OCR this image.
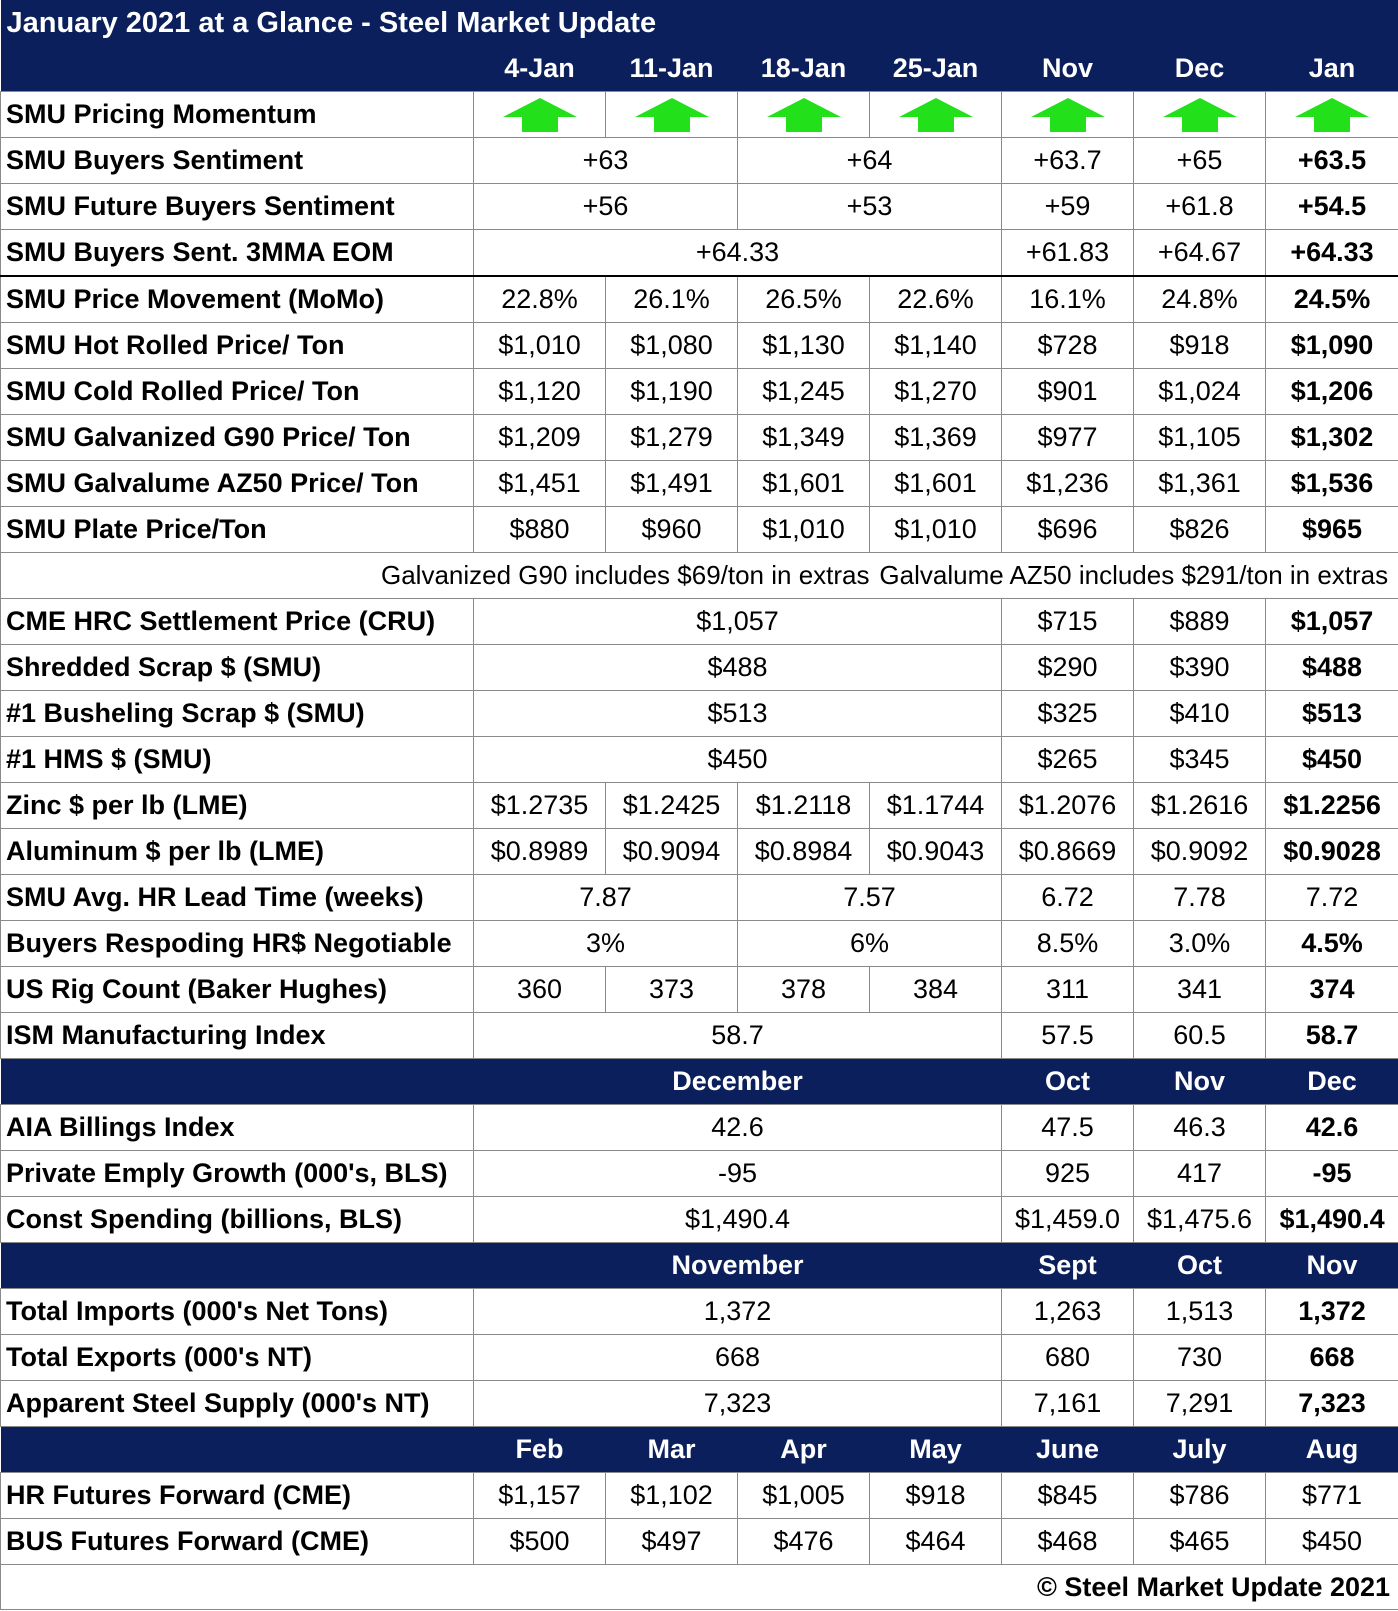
January 2021 at a Glance - Steel Market Update							
	4-Jan	11-Jan	18-Jan	25-Jan	Nov	Dec	Jan
SMU Pricing Momentum	

SMU Buyers Sentiment	+63		+64		+63.7	+65	+63.5
SMU Future Buyers Sentiment	+56		+53		+59	+61.8	+54.5
SMU Buyers Sent. 3MMA EOM	+64.33				+61.83	+64.67	+64.33
SMU Price Movement (MoMo)	22.8%	26.1%	26.5%	22.6%	16.1%	24.8%	24.5%
SMU Hot Rolled Price/ Ton	$1,010	$1,080	$1,130	$1,140	$728	$918	$1,090
SMU Cold Rolled Price/ Ton	$1,120	$1,190	$1,245	$1,270	$901	$1,024	$1,206
SMU Galvanized G90 Price/ Ton	$1,209	$1,279	$1,349	$1,369	$977	$1,105	$1,302
SMU Galvalume AZ50 Price/ Ton	$1,451	$1,491	$1,601	$1,601	$1,236	$1,361	$1,536
SMU Plate Price/Ton	$880	$960	$1,010	$1,010	$696	$826	$965
Galvanized G90 includes $69/ton in extras				Galvalume AZ50 includes $291/ton in extras			
CME HRC Settlement Price (CRU)	$1,057				$715	$889	$1,057
Shredded Scrap $ (SMU)	$488				$290	$390	$488
#1 Busheling Scrap $ (SMU)	$513				$325	$410	$513
#1 HMS $ (SMU)	$450				$265	$345	$450
Zinc $ per lb (LME)	$1.2735	$1.2425	$1.2118	$1.1744	$1.2076	$1.2616	$1.2256
Aluminum $ per lb (LME)	$0.8989	$0.9094	$0.8984	$0.9043	$0.8669	$0.9092	$0.9028
SMU Avg. HR Lead Time (weeks)	7.87		7.57		6.72	7.78	7.72
Buyers Respoding HR$ Negotiable	3%		6%		8.5%	3.0%	4.5%
US Rig Count (Baker Hughes)	360	373	378	384	311	341	374
ISM Manufacturing Index	58.7				57.5	60.5	58.7
	December				Oct	Nov	Dec
AIA Billings Index	42.6				47.5	46.3	42.6
Private Emply Growth (000's, BLS)	-95				925	417	-95
Const Spending (billions, BLS)	$1,490.4				$1,459.0	$1,475.6	$1,490.4
	November				Sept	Oct	Nov
Total Imports (000's Net Tons)	1,372				1,263	1,513	1,372
Total Exports (000's NT)	668				680	730	668
Apparent Steel Supply (000's NT)	7,323				7,161	7,291	7,323
	Feb	Mar	Apr	May	June	July	Aug
HR Futures Forward (CME)	$1,157	$1,102	$1,005	$918	$845	$786	$771
BUS Futures Forward (CME)	$500	$497	$476	$464	$468	$465	$450
© Steel Market Update 2021							
